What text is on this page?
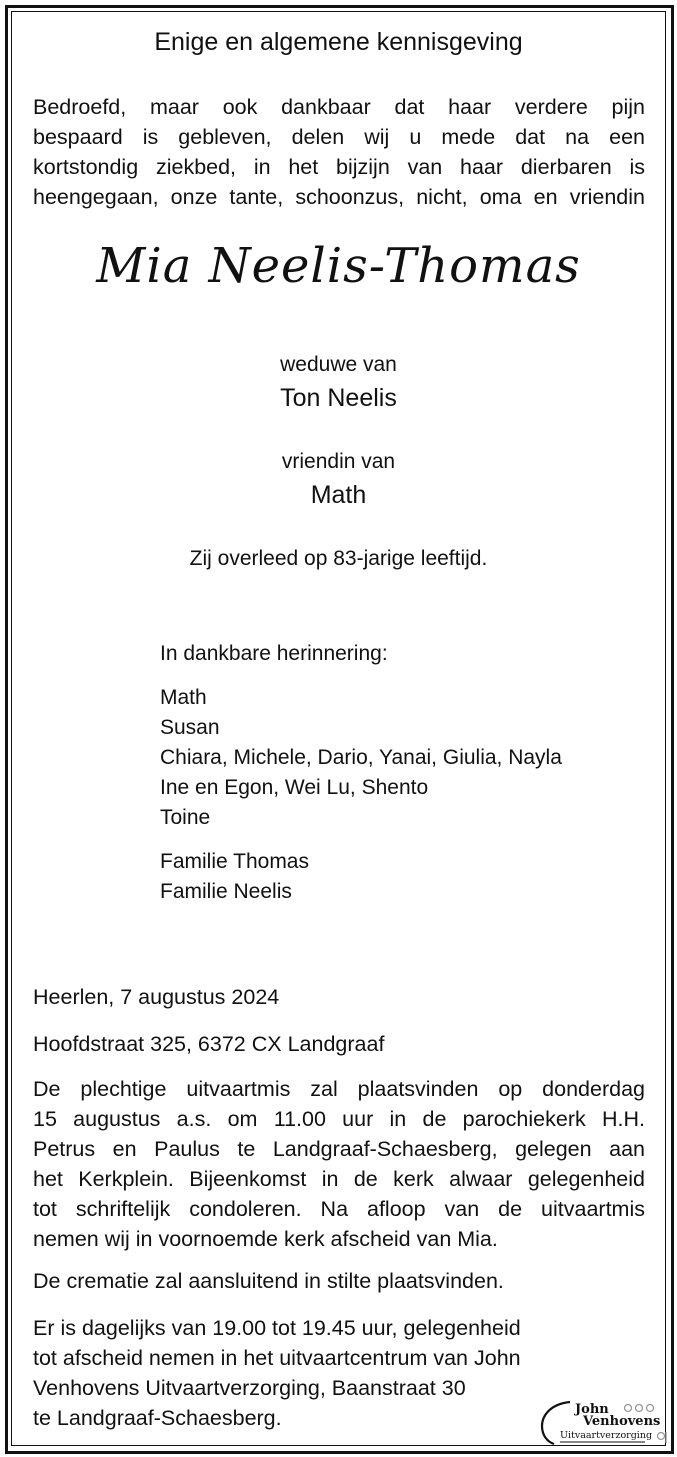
Enige en algemene kennisgeving

Bedroefd, maar ook dankbaar dat haar verdere pijn
bespaard is gebleven, delen wij u mede dat na een
kortstondig ziekbed, in het bijzijn van haar dierbaren is
heengegaan, onze tante, schoonzus, nicht, oma en vriendin

Mia Neelis-Thomas

weduwe van

Ton Neelis

vriendin van

Math

Zij overleed op 83-jarige leeftijd.

In dankbare herinnering:

Math
Susan
Chiara, Michele, Dario, Yanai, Giulia, Nayla
Ine en Egon, Wei Lu, Shento
Toine
Familie Thomas
Familie Neelis

Heerlen, 7 augustus 2024

Hoofdstraat 325, 6372 CX Landgraaf

De plechtige uitvaartmis zal plaatsvinden op donderdag
15 augustus a.s. om 11.00 uur in de parochiekerk H.H.
Petrus en Paulus te Landgraaf-Schaesberg, gelegen aan
het Kerkplein. Bijeenkomst in de kerk alwaar gelegenheid
tot schriftelijk condoleren. Na afloop van de uitvaartmis
nemen wij in voornoemde kerk afscheid van Mia.

De crematie zal aansluitend in stilte plaatsvinden.

Er is dagelijks van 19.00 tot 19.45 uur, gelegenheid
tot afscheid nemen in het uitvaartcentrum van John
Venhovens Uitvaartverzorging, Baanstraat 30
te Landgraaf-Schaesberg.	John
Venhovens
Uitvaartverzorging
